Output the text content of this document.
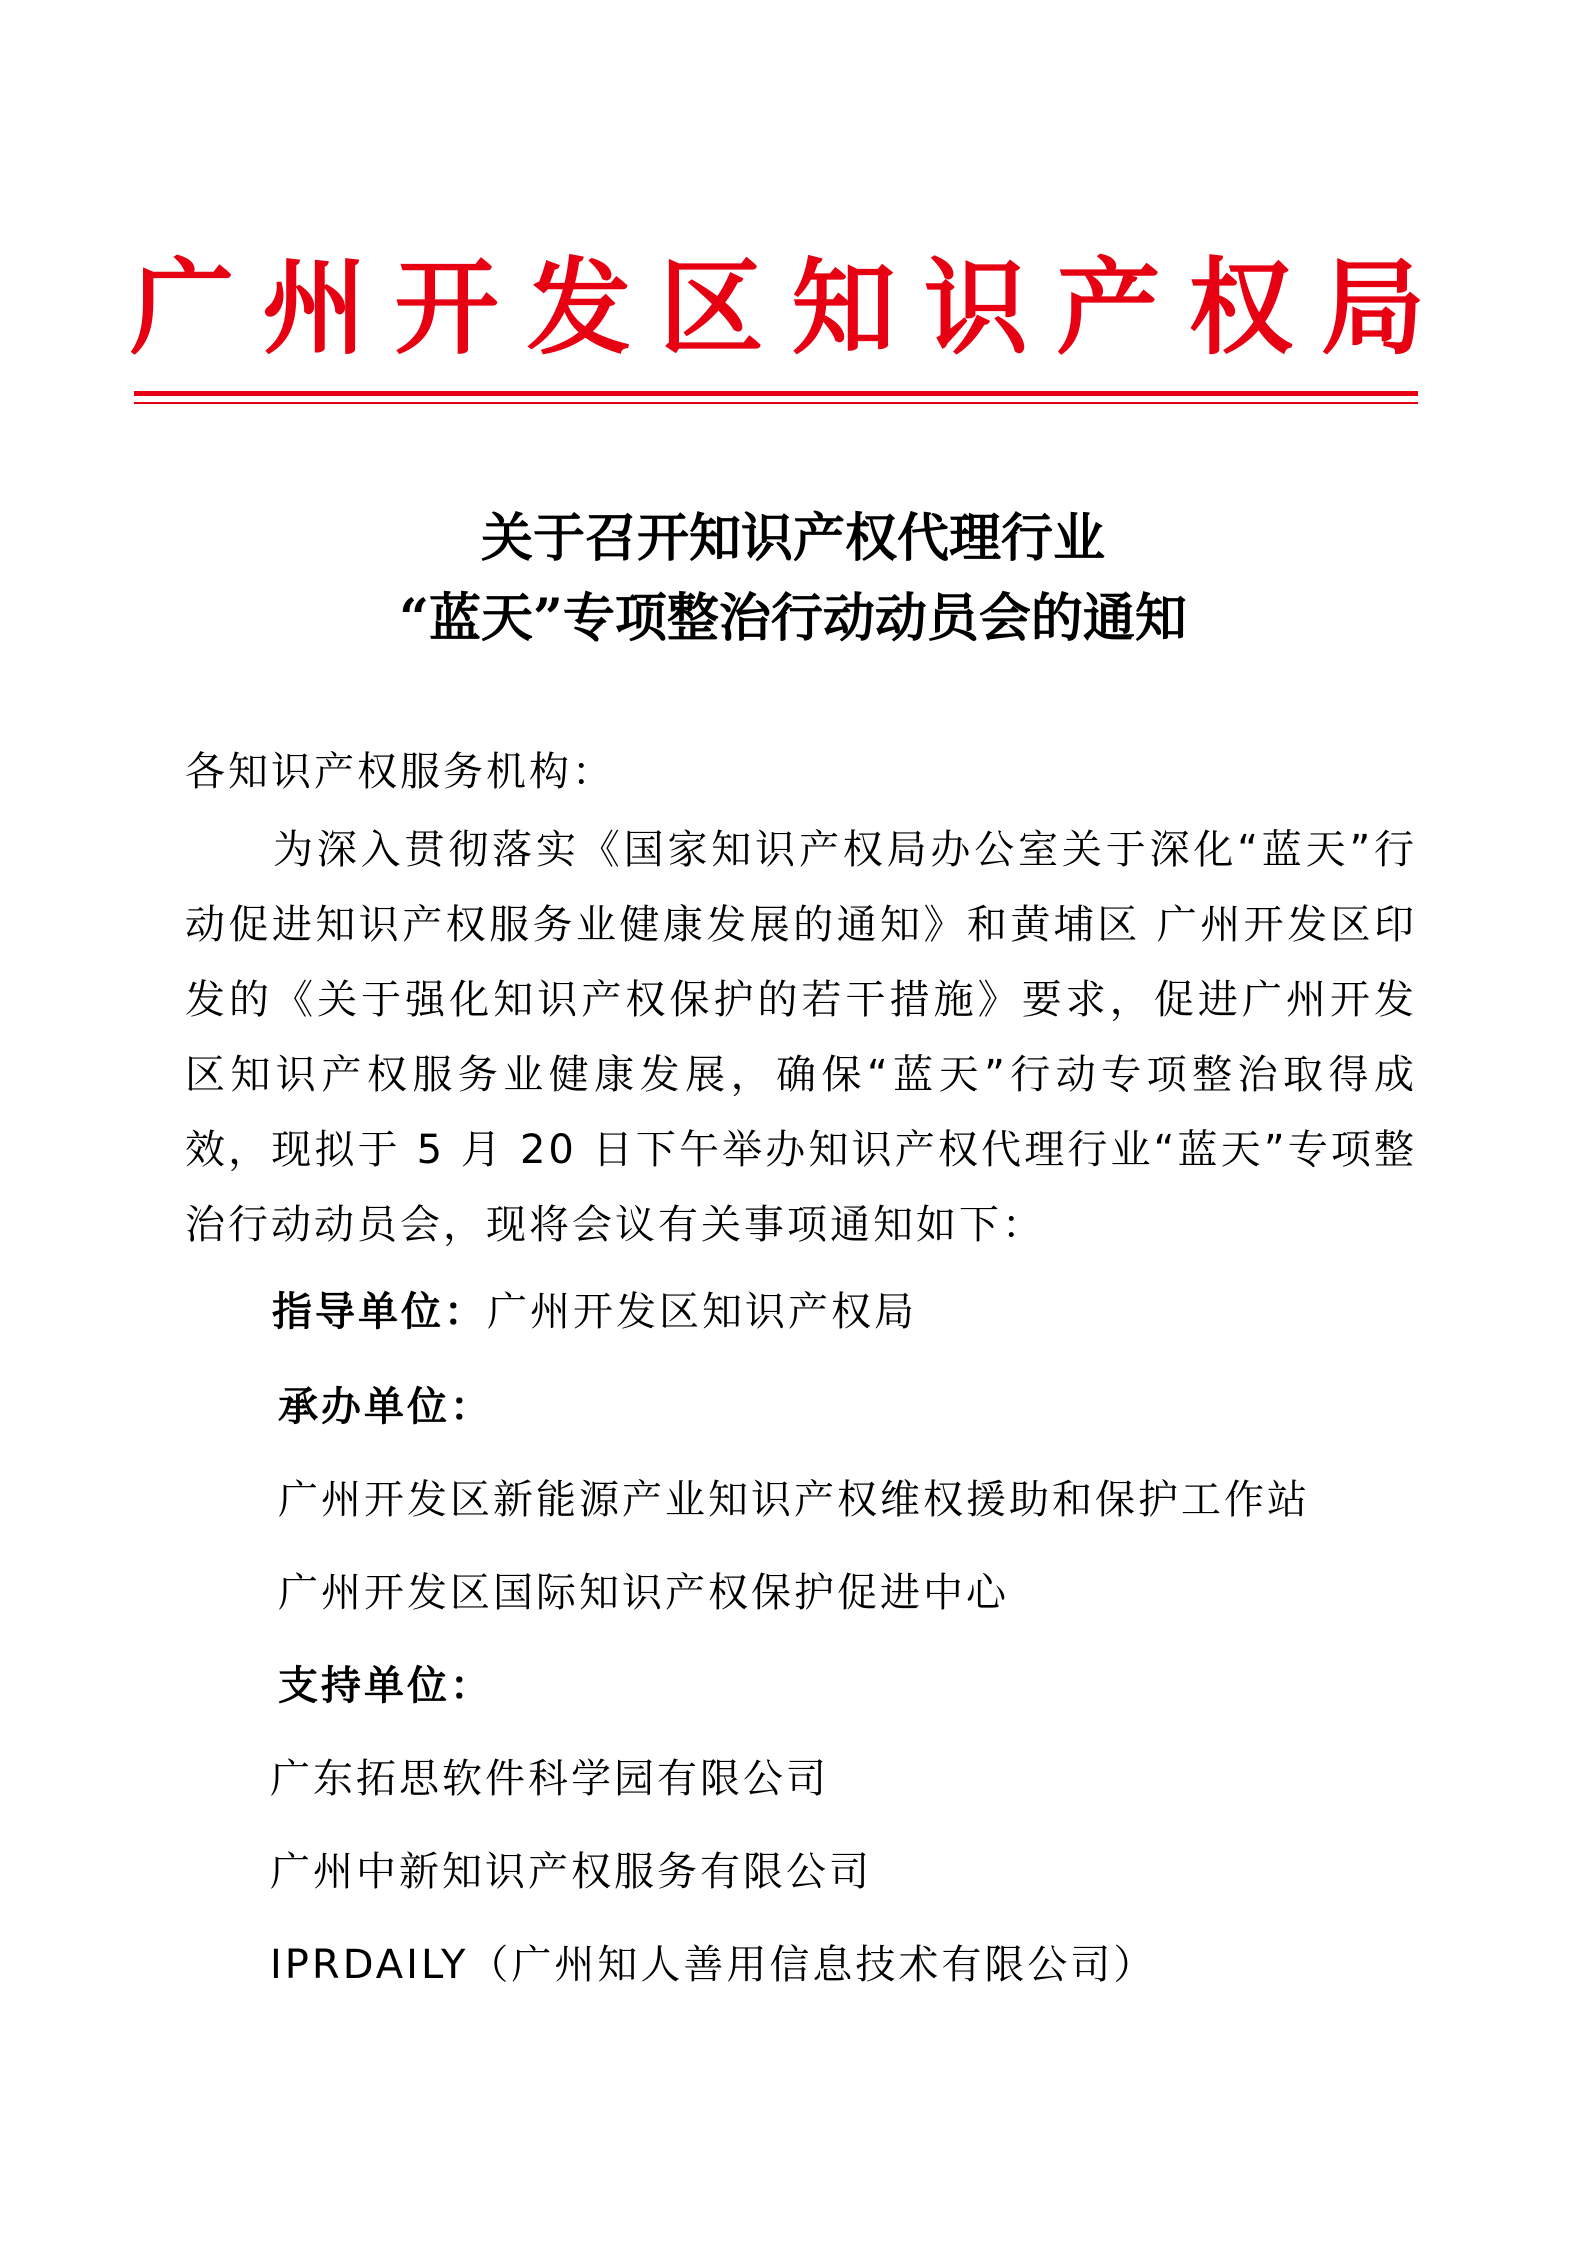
广州开发区知识产权局
关于召开知识产权代理行业
“蓝天”专项整治行动动员会的通知
各知识产权服务机构：
为深入贯彻落实《国家知识产权局办公室关于深化“蓝天”行动促进知识产权服务业健康发展的通知》和黄埔区 广州开发区印发的《关于强化知识产权保护的若干措施》要求，促进广州开发区知识产权服务业健康发展，确保“蓝天”行动专项整治取得成效，现拟于 5 月 20 日下午举办知识产权代理行业“蓝天”专项整治行动动员会，现将会议有关事项通知如下：
指导单位：广州开发区知识产权局
承办单位：
广州开发区新能源产业知识产权维权援助和保护工作站
广州开发区国际知识产权保护促进中心
支持单位：
广东拓思软件科学园有限公司
广州中新知识产权服务有限公司
IPRDAILY（广州知人善用信息技术有限公司）
